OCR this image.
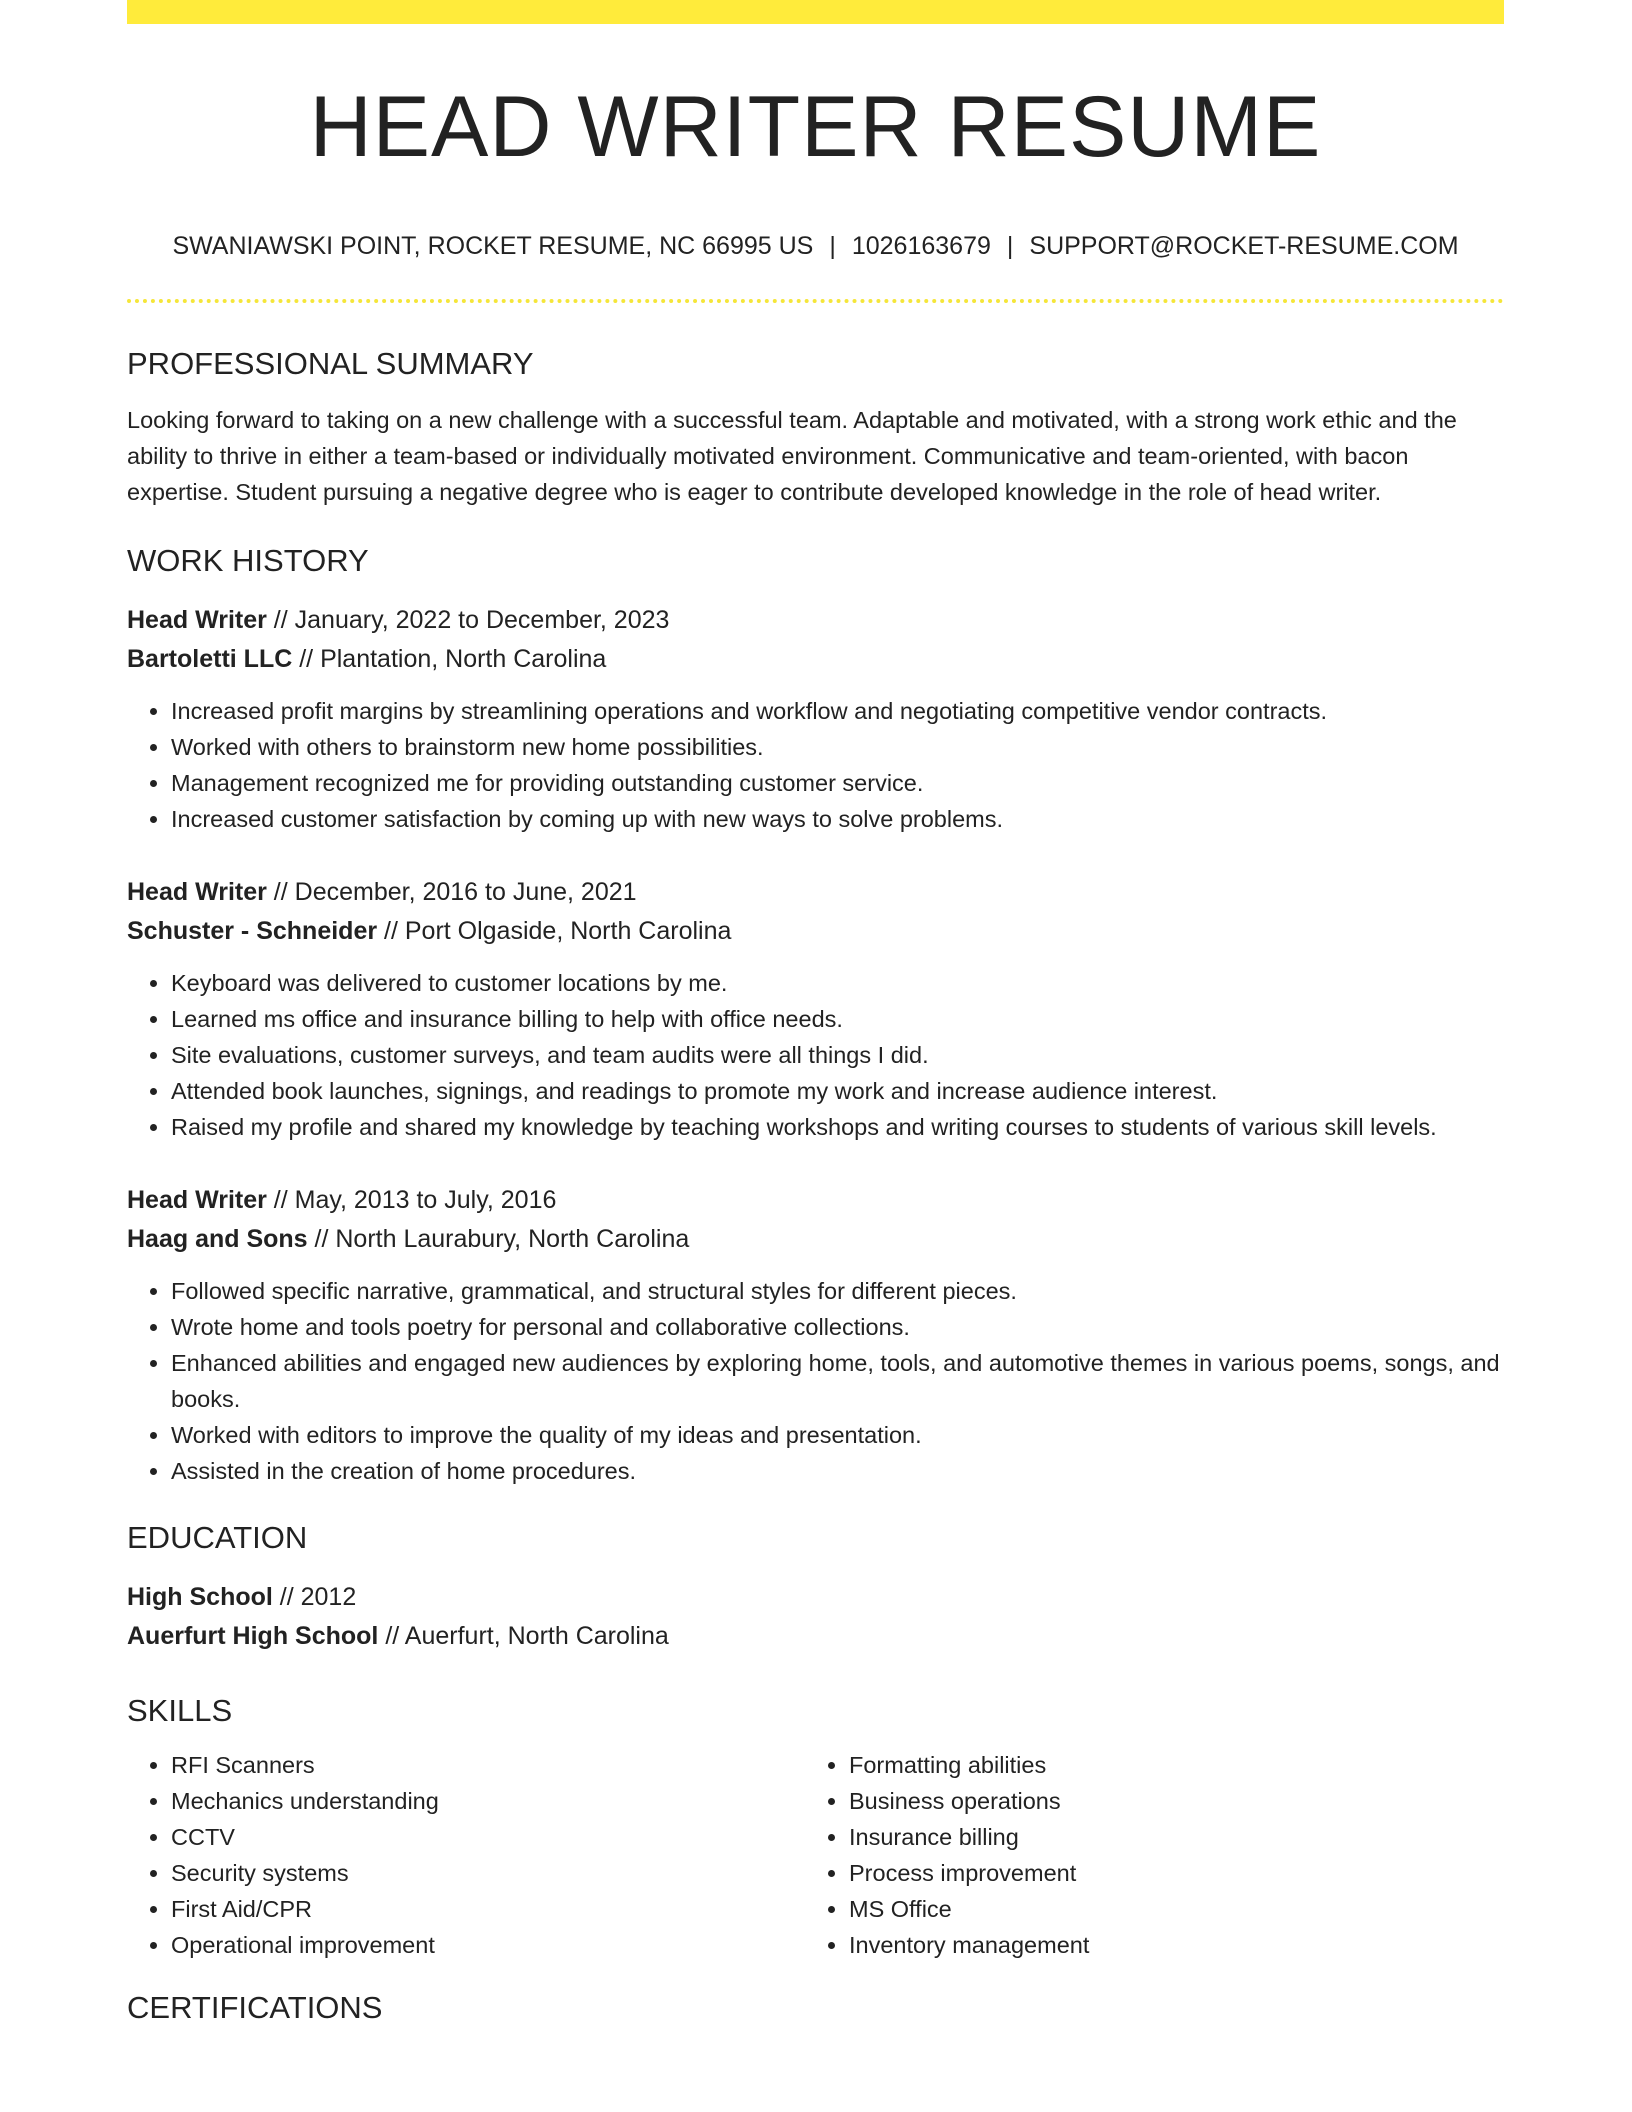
HEAD WRITER RESUME
SWANIAWSKI POINT, ROCKET RESUME, NC 66995 US | 1026163679 | SUPPORT@ROCKET-RESUME.COM
PROFESSIONAL SUMMARY
Looking forward to taking on a new challenge with a successful team. Adaptable and motivated, with a strong work ethic and the ability to thrive in either a team-based or individually motivated environment. Communicative and team-oriented, with bacon expertise. Student pursuing a negative degree who is eager to contribute developed knowledge in the role of head writer.
WORK HISTORY
Head Writer // January, 2022 to December, 2023
Bartoletti LLC // Plantation, North Carolina
• Increased profit margins by streamlining operations and workflow and negotiating competitive vendor contracts.
• Worked with others to brainstorm new home possibilities.
• Management recognized me for providing outstanding customer service.
• Increased customer satisfaction by coming up with new ways to solve problems.
Head Writer // December, 2016 to June, 2021
Schuster - Schneider // Port Olgaside, North Carolina
• Keyboard was delivered to customer locations by me.
• Learned ms office and insurance billing to help with office needs.
• Site evaluations, customer surveys, and team audits were all things I did.
• Attended book launches, signings, and readings to promote my work and increase audience interest.
• Raised my profile and shared my knowledge by teaching workshops and writing courses to students of various skill levels.
Head Writer // May, 2013 to July, 2016
Haag and Sons // North Laurabury, North Carolina
• Followed specific narrative, grammatical, and structural styles for different pieces.
• Wrote home and tools poetry for personal and collaborative collections.
• Enhanced abilities and engaged new audiences by exploring home, tools, and automotive themes in various poems, songs, and books.
• Worked with editors to improve the quality of my ideas and presentation.
• Assisted in the creation of home procedures.
EDUCATION
High School // 2012
Auerfurt High School // Auerfurt, North Carolina
SKILLS
• RFI Scanners
• Mechanics understanding
• CCTV
• Security systems
• First Aid/CPR
• Operational improvement
• Formatting abilities
• Business operations
• Insurance billing
• Process improvement
• MS Office
• Inventory management
CERTIFICATIONS
